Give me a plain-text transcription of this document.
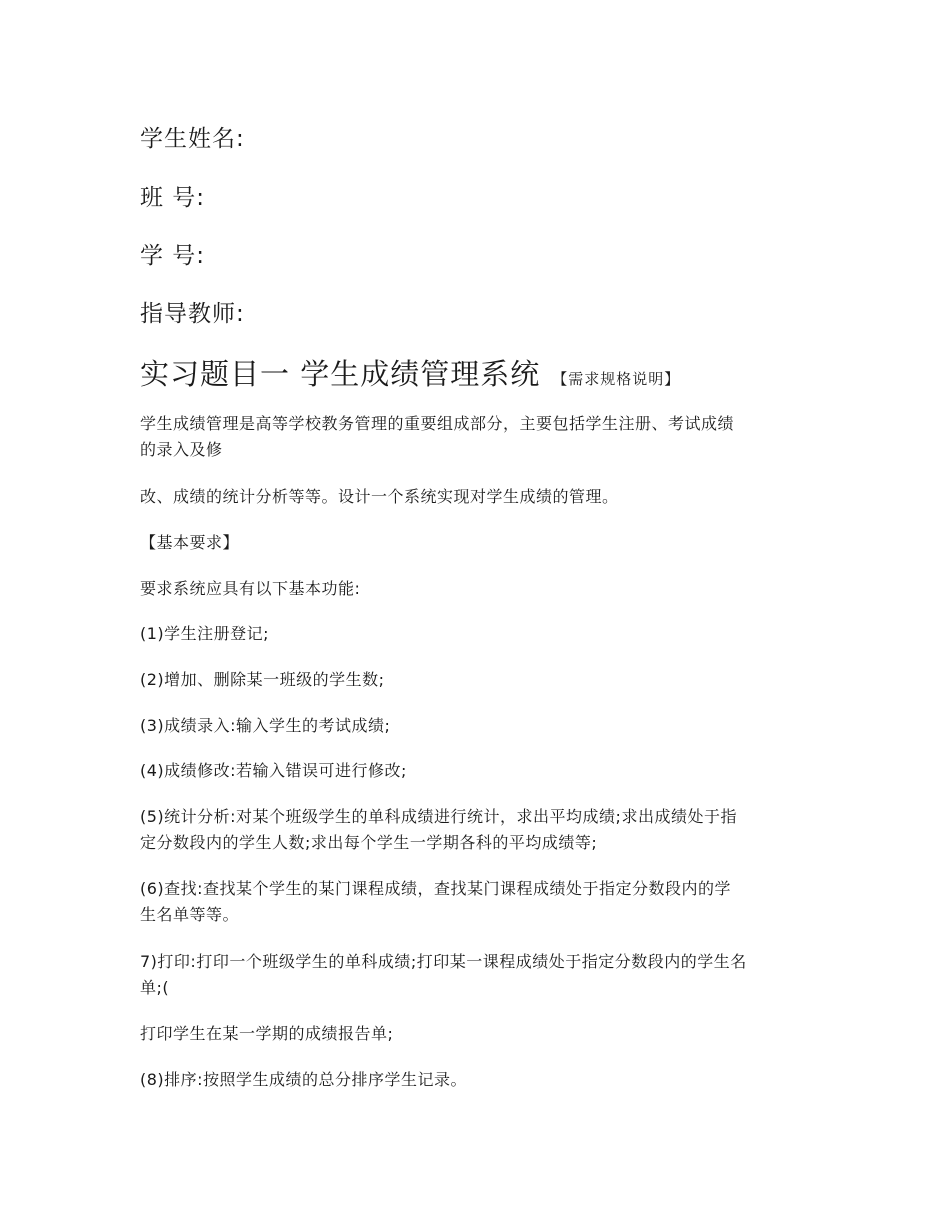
学生姓名:

班 号:

学 号:

指导教师:

实习题目一 学生成绩管理系统 【需求规格说明】

学生成绩管理是高等学校教务管理的重要组成部分，主要包括学生注册、考试成绩

的录入及修

改、成绩的统计分析等等。设计一个系统实现对学生成绩的管理。

【基本要求】

要求系统应具有以下基本功能:

(1)学生注册登记;

(2)增加、删除某一班级的学生数;

(3)成绩录入:输入学生的考试成绩;

(4)成绩修改:若输入错误可进行修改;

(5)统计分析:对某个班级学生的单科成绩进行统计，求出平均成绩;求出成绩处于指

定分数段内的学生人数;求出每个学生一学期各科的平均成绩等;

(6)查找:查找某个学生的某门课程成绩，查找某门课程成绩处于指定分数段内的学

生名单等等。

7)打印:打印一个班级学生的单科成绩;打印某一课程成绩处于指定分数段内的学生名

单;(

打印学生在某一学期的成绩报告单;

(8)排序:按照学生成绩的总分排序学生记录。
